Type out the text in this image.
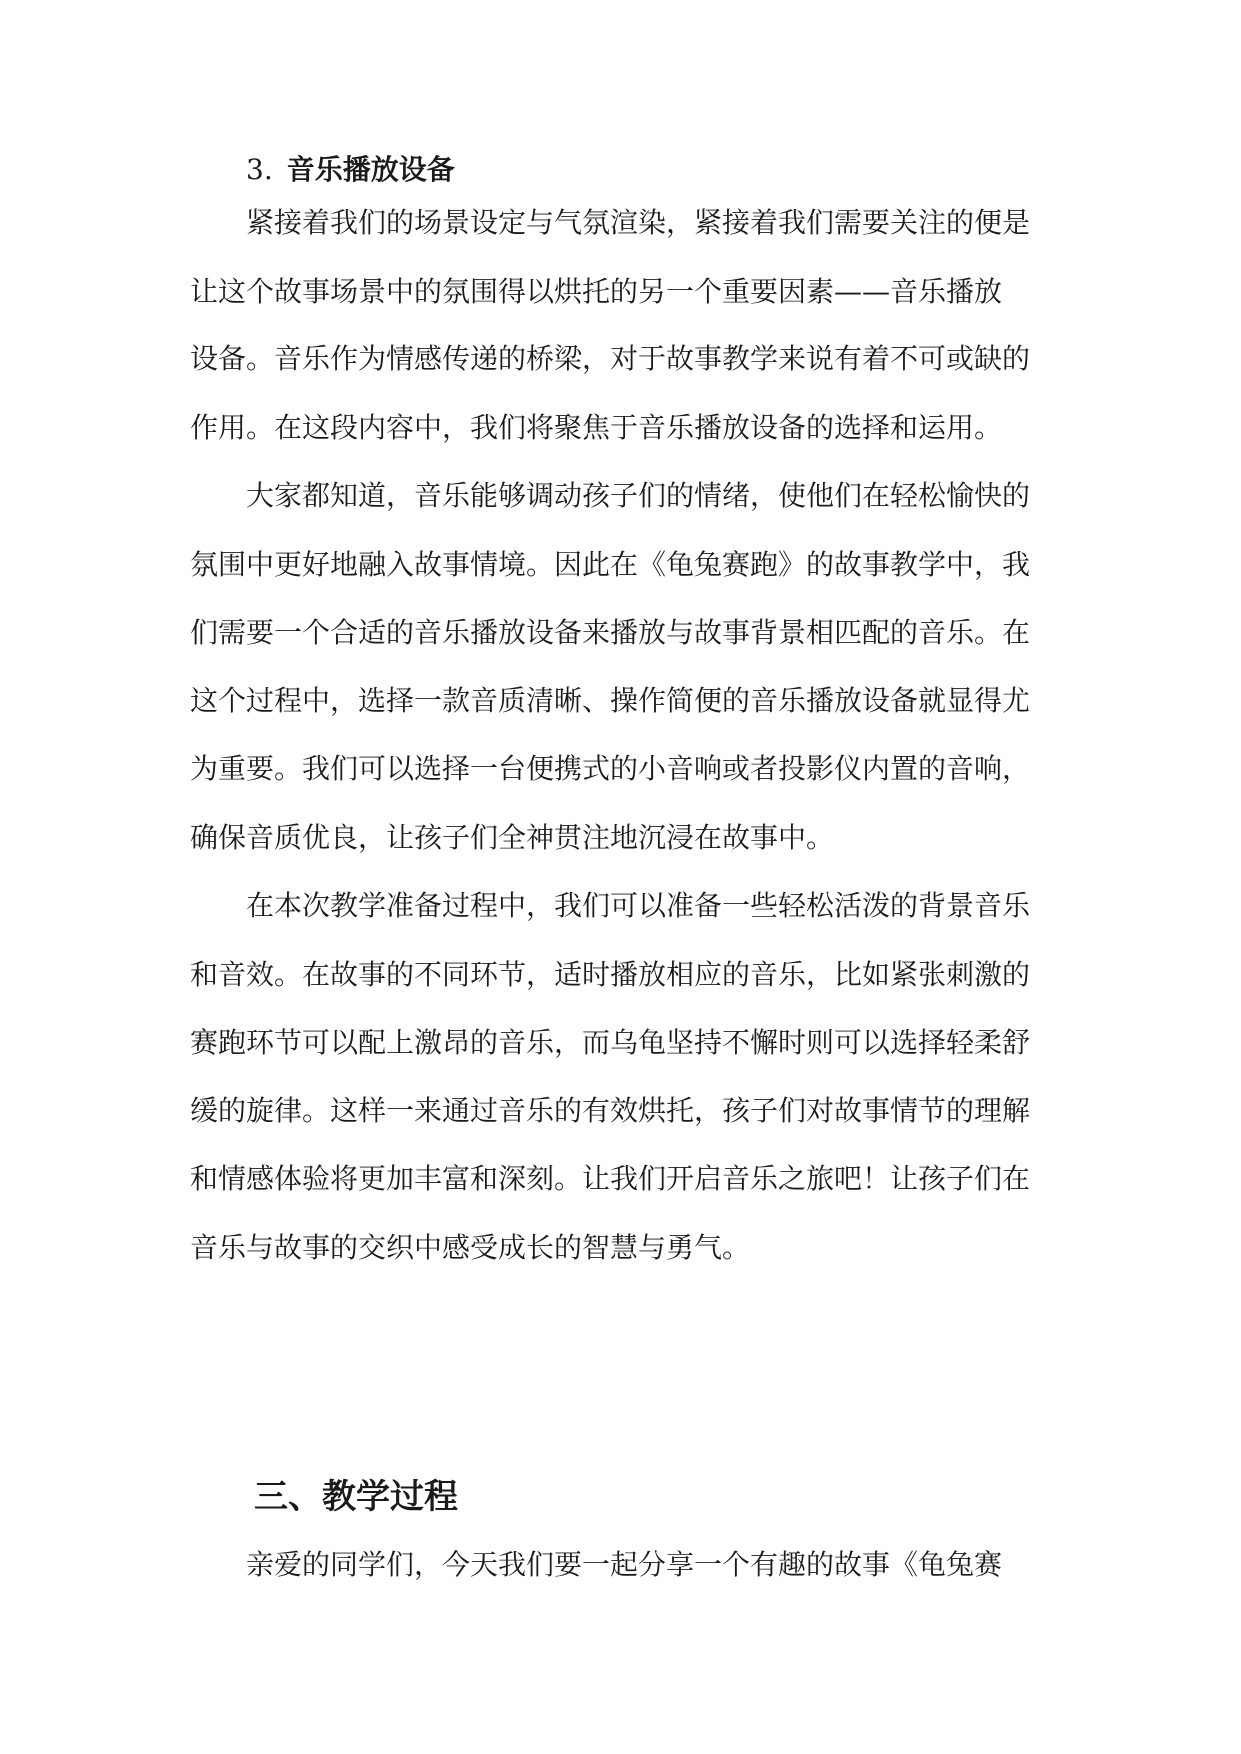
3. 音乐播放设备
紧接着我们的场景设定与气氛渲染，紧接着我们需要关注的便是
让这个故事场景中的氛围得以烘托的另一个重要因素——音乐播放
设备。音乐作为情感传递的桥梁，对于故事教学来说有着不可或缺的
作用。在这段内容中，我们将聚焦于音乐播放设备的选择和运用。
大家都知道，音乐能够调动孩子们的情绪，使他们在轻松愉快的
氛围中更好地融入故事情境。因此在《龟兔赛跑》的故事教学中，我
们需要一个合适的音乐播放设备来播放与故事背景相匹配的音乐。在
这个过程中，选择一款音质清晰、操作简便的音乐播放设备就显得尤
为重要。我们可以选择一台便携式的小音响或者投影仪内置的音响，
确保音质优良，让孩子们全神贯注地沉浸在故事中。
在本次教学准备过程中，我们可以准备一些轻松活泼的背景音乐
和音效。在故事的不同环节，适时播放相应的音乐，比如紧张刺激的
赛跑环节可以配上激昂的音乐，而乌龟坚持不懈时则可以选择轻柔舒
缓的旋律。这样一来通过音乐的有效烘托，孩子们对故事情节的理解
和情感体验将更加丰富和深刻。让我们开启音乐之旅吧！让孩子们在
音乐与故事的交织中感受成长的智慧与勇气。
三、教学过程
亲爱的同学们，今天我们要一起分享一个有趣的故事《龟兔赛
